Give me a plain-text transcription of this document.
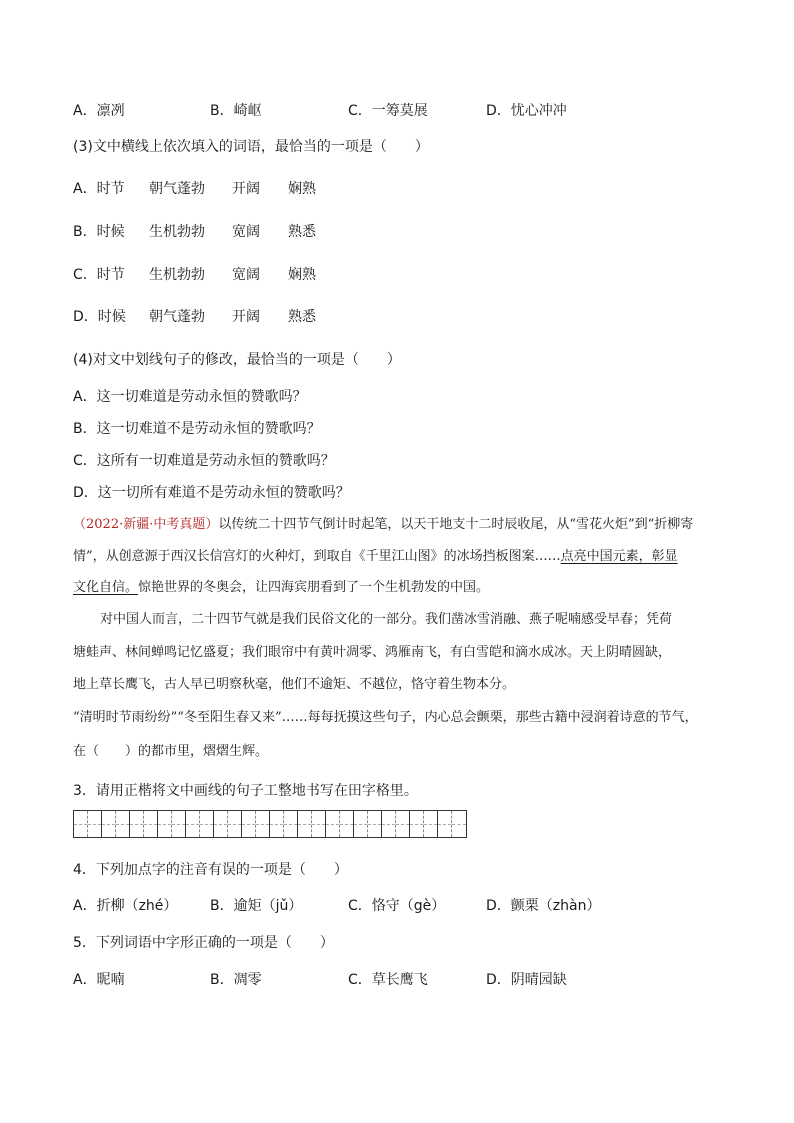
A．凛冽	B．崎岖	C．一筹莫展	D．忧心冲冲
(3)文中横线上依次填入的词语，最恰当的一项是（　　）
A．时节 朝气蓬勃 开阔 娴熟
B．时候 生机勃勃 宽阔 熟悉
C．时节 生机勃勃 宽阔 娴熟
D．时候 朝气蓬勃 开阔 熟悉
(4)对文中划线句子的修改，最恰当的一项是（　　）
A．这一切难道是劳动永恒的赞歌吗？
B．这一切难道不是劳动永恒的赞歌吗？
C．这所有一切难道是劳动永恒的赞歌吗？
D．这一切所有难道不是劳动永恒的赞歌吗？
（2022·新疆·中考真题）以传统二十四节气倒计时起笔，以天干地支十二时辰收尾，从“雪花火炬”到“折柳寄
情”，从创意源于西汉长信宫灯的火种灯，到取自《千里江山图》的冰场挡板图案……点亮中国元素，彰显
文化自信。惊艳世界的冬奥会，让四海宾朋看到了一个生机勃发的中国。
对中国人而言，二十四节气就是我们民俗文化的一部分。我们凿冰雪消融、燕子呢喃感受早春；凭荷
塘蛙声、林间蝉鸣记忆盛夏；我们眼帘中有黄叶凋零、鸿雁南飞，有白雪皑和滴水成冰。天上阴晴圆缺，
地上草长鹰飞，古人早已明察秋毫，他们不逾矩、不越位，恪守着生物本分。
“清明时节雨纷纷”“冬至阳生春又来”……每每抚摸这些句子，内心总会颤栗，那些古籍中浸润着诗意的节气，
在（　　）的都市里，熠熠生辉。
3．请用正楷将文中画线的句子工整地书写在田字格里。
4．下列加点字的注音有误的一项是（　　）
A．折柳（zhé） B．逾矩（jǔ）	C．恪守（gè）	D．颤栗（zhàn）
5．下列词语中字形正确的一项是（　　）
A．昵喃	B．凋零	C．草长鹰飞	D．阴晴园缺
